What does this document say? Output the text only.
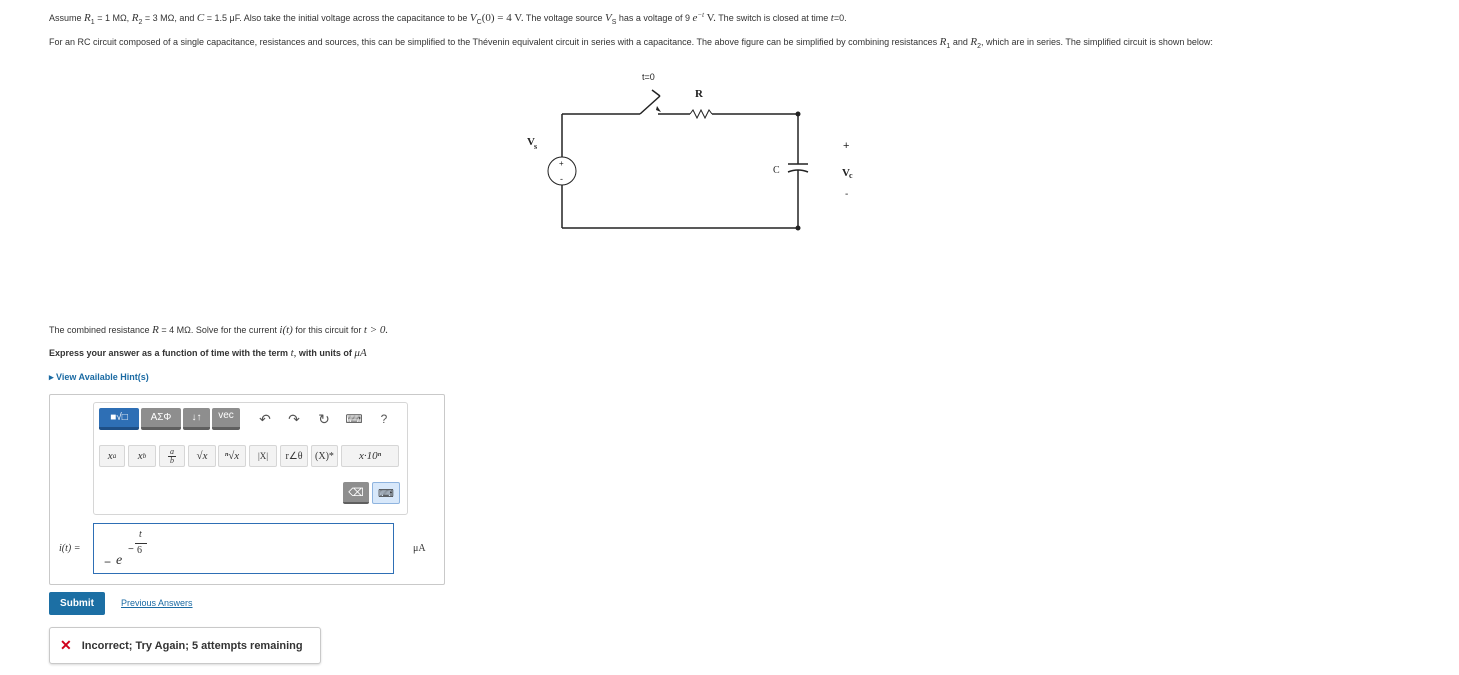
Assume $R_1 = 1$ MΩ, $R_2 = 3$ MΩ, and C = 1.5 μF. Also take the initial voltage across the capacitance to be $V_C(0) = 4$ V. The voltage source $V_S$ has a voltage of 9 $e^{-t}$ V. The switch is closed at time t=0.
For an RC circuit composed of a single capacitance, resistances and sources, this can be simplified to the Thévenin equivalent circuit in series with a capacitance. The above figure can be simplified by combining resistances $R_1$ and $R_2$, which are in series. The simplified circuit is shown below:
t=0
R
V s
+
-
C
+
V c
-
The combined resistance R = 4 MΩ. Solve for the current i(t) for this circuit for t > 0.
Express your answer as a function of time with the term t, with units of μA
▸ View Available Hint(s)
■√□ ΑΣΦ ↓↑ vec ↶ ↷ ↻ ⌨ ?
x a x b
a
b √x ⁿ√x |X| r∠θ (X)* x·10ⁿ
⌫ ⌨
i(t) =
− e
−
t
6	μA
Submit	Previous Answers
✕ Incorrect; Try Again; 5 attempts remaining
